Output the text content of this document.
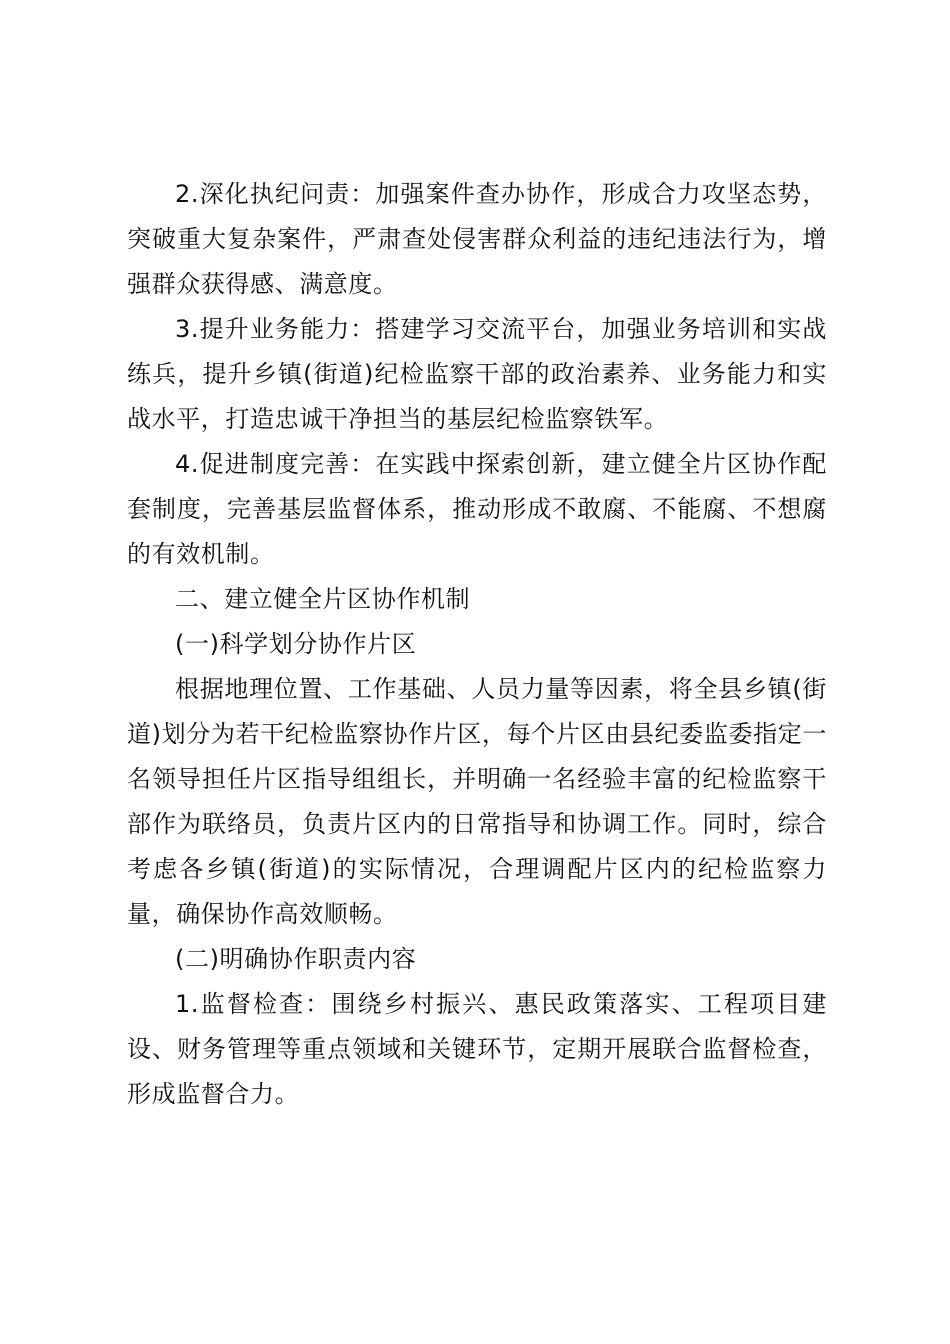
2.深化执纪问责：加强案件查办协作，形成合力攻坚态势，突破重大复杂案件，严肃查处侵害群众利益的违纪违法行为，增强群众获得感、满意度。

3.提升业务能力：搭建学习交流平台，加强业务培训和实战练兵，提升乡镇(街道)纪检监察干部的政治素养、业务能力和实战水平，打造忠诚干净担当的基层纪检监察铁军。

4.促进制度完善：在实践中探索创新，建立健全片区协作配套制度，完善基层监督体系，推动形成不敢腐、不能腐、不想腐的有效机制。

二、建立健全片区协作机制

(一)科学划分协作片区

根据地理位置、工作基础、人员力量等因素，将全县乡镇(街道)划分为若干纪检监察协作片区，每个片区由县纪委监委指定一名领导担任片区指导组组长，并明确一名经验丰富的纪检监察干部作为联络员，负责片区内的日常指导和协调工作。同时，综合考虑各乡镇(街道)的实际情况，合理调配片区内的纪检监察力量，确保协作高效顺畅。

(二)明确协作职责内容

1.监督检查：围绕乡村振兴、惠民政策落实、工程项目建设、财务管理等重点领域和关键环节，定期开展联合监督检查，形成监督合力。
